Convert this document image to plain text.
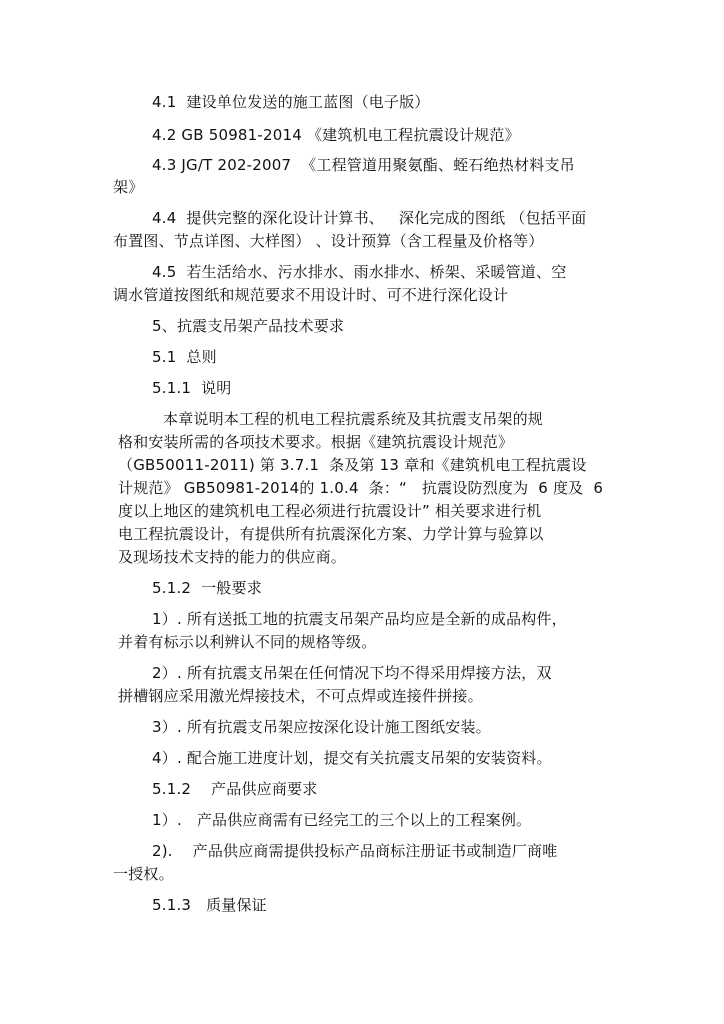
4.1  建设单位发送的施工蓝图（电子版）
4.2 GB 50981-2014 《建筑机电工程抗震设计规范》
4.3 JG/T 202-2007  《工程管道用聚氨酯、蛭石绝热材料支吊
架》
4.4  提供完整的深化设计计算书、   深化完成的图纸 （包括平面
布置图、节点详图、大样图） 、设计预算（含工程量及价格等）
4.5  若生活给水、污水排水、雨水排水、桥架、采暖管道、空
调水管道按图纸和规范要求不用设计时、可不进行深化设计
5、抗震支吊架产品技术要求
5.1  总则
5.1.1  说明
本章说明本工程的机电工程抗震系统及其抗震支吊架的规
格和安装所需的各项技术要求。根据《建筑抗震设计规范》
（GB50011-2011) 第 3.7.1  条及第 13 章和《建筑机电工程抗震设
计规范》 GB50981-2014的 1.0.4  条：“   抗震设防烈度为  6 度及  6
度以上地区的建筑机电工程必须进行抗震设计” 相关要求进行机
电工程抗震设计，有提供所有抗震深化方案、力学计算与验算以
及现场技术支持的能力的供应商。
5.1.2  一般要求
1）. 所有送抵工地的抗震支吊架产品均应是全新的成品构件，
并着有标示以利辨认不同的规格等级。
2）. 所有抗震支吊架在任何情况下均不得采用焊接方法，双
拼槽钢应采用激光焊接技术，不可点焊或连接件拼接。
3）. 所有抗震支吊架应按深化设计施工图纸安装。
4）. 配合施工进度计划，提交有关抗震支吊架的安装资料。
5.1.2    产品供应商要求
1）.   产品供应商需有已经完工的三个以上的工程案例。
2).    产品供应商需提供投标产品商标注册证书或制造厂商唯
一授权。
5.1.3   质量保证
